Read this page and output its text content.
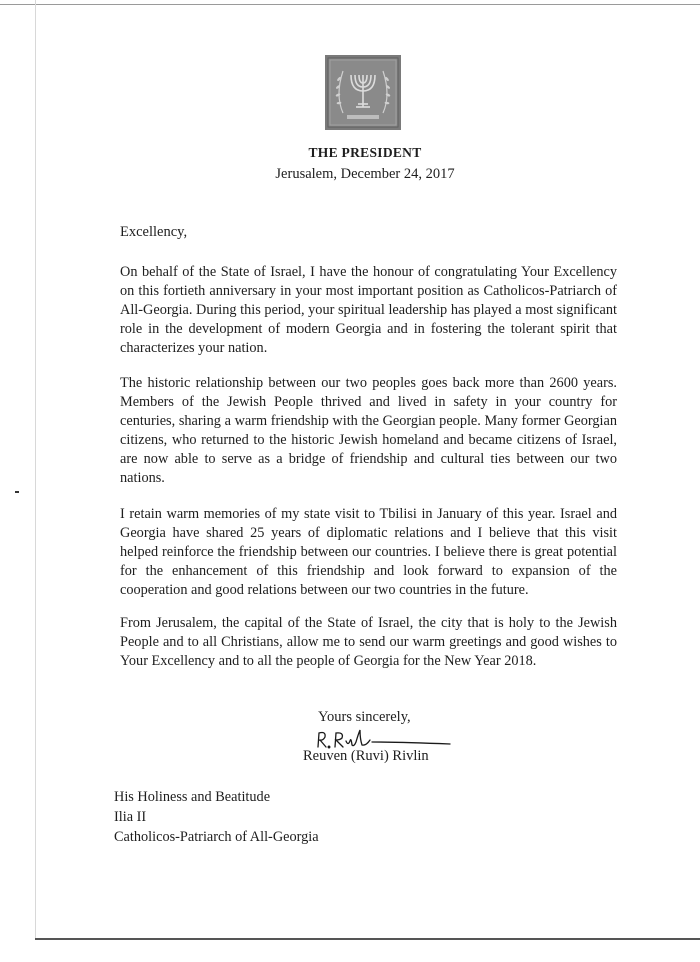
THE PRESIDENT
Jerusalem, December 24, 2017
Excellency,

On behalf of the State of Israel, I have the honour of congratulating Your Excellency on this fortieth anniversary in your most important position as Catholicos-Patriarch of All-Georgia. During this period, your spiritual leadership has played a most significant role in the development of modern Georgia and in fostering the tolerant spirit that characterizes your nation.

The historic relationship between our two peoples goes back more than 2600 years. Members of the Jewish People thrived and lived in safety in your country for centuries, sharing a warm friendship with the Georgian people. Many former Georgian citizens, who returned to the historic Jewish homeland and became citizens of Israel, are now able to serve as a bridge of friendship and cultural ties between our two nations.

I retain warm memories of my state visit to Tbilisi in January of this year. Israel and Georgia have shared 25 years of diplomatic relations and I believe that this visit helped reinforce the friendship between our countries. I believe there is great potential for the enhancement of this friendship and look forward to expansion of the cooperation and good relations between our two countries in the future.

From Jerusalem, the capital of the State of Israel, the city that is holy to the Jewish People and to all Christians, allow me to send our warm greetings and good wishes to Your Excellency and to all the people of Georgia for the New Year 2018.

Yours sincerely,
Reuven (Ruvi) Rivlin
His Holiness and Beatitude
Ilia II
Catholicos-Patriarch of All-Georgia
